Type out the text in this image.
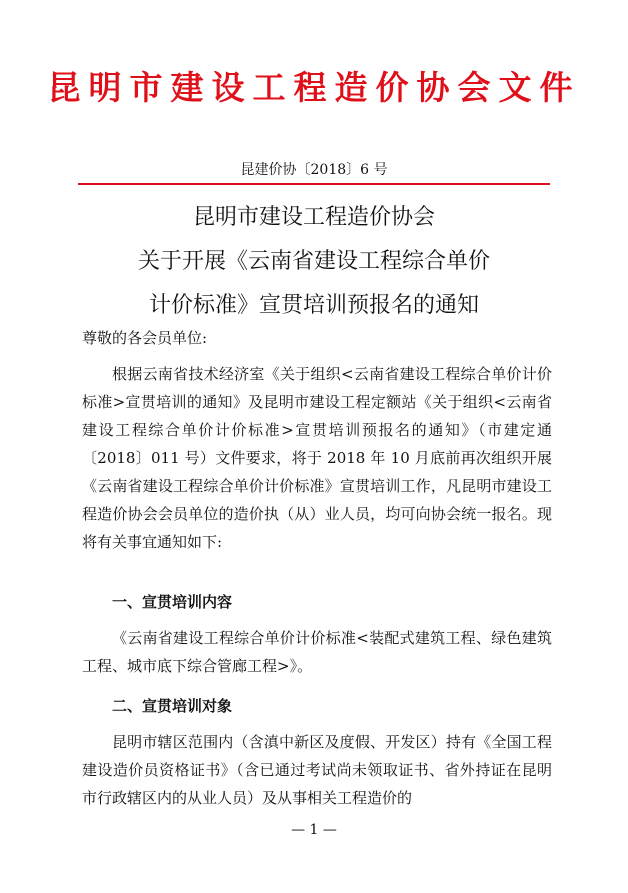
昆明市建设工程造价协会文件
昆建价协〔2018〕6 号
昆明市建设工程造价协会
关于开展《云南省建设工程综合单价
计价标准》宣贯培训预报名的通知
尊敬的各会员单位:
根据云南省技术经济室《关于组织<云南省建设工程综合单价计价标准>宣贯培训的通知》及昆明市建设工程定额站《关于组织<云南省建设工程综合单价计价标准>宣贯培训预报名的通知》（市建定通〔2018〕011 号）文件要求，将于 2018 年 10 月底前再次组织开展《云南省建设工程综合单价计价标准》宣贯培训工作，凡昆明市建设工程造价协会会员单位的造价执（从）业人员，均可向协会统一报名。现将有关事宜通知如下:
一、宣贯培训内容
《云南省建设工程综合单价计价标准<装配式建筑工程、绿色建筑工程、城市底下综合管廊工程>》。
二、宣贯培训对象
昆明市辖区范围内（含滇中新区及度假、开发区）持有《全国工程建设造价员资格证书》（含已通过考试尚未领取证书、省外持证在昆明市行政辖区内的从业人员）及从事相关工程造价的
— 1 —
